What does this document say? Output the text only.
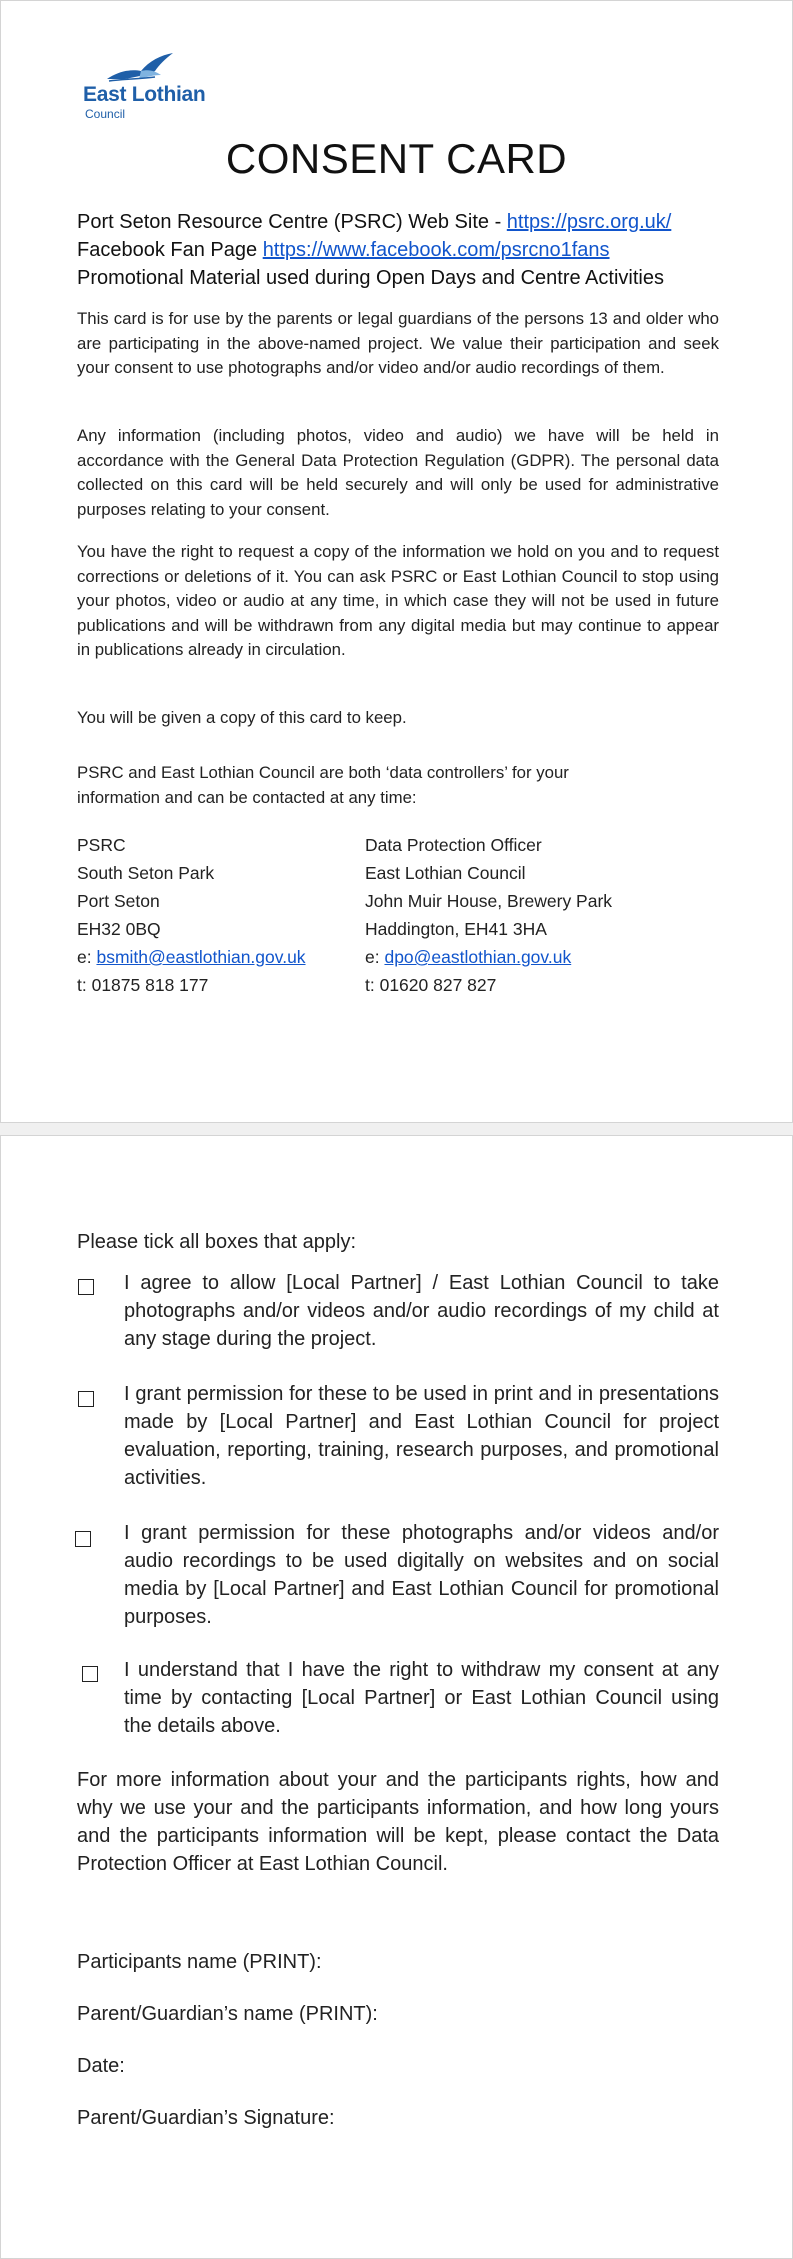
East Lothian
Council
CONSENT CARD
Port Seton Resource Centre (PSRC) Web Site - https://psrc.org.uk/
Facebook Fan Page https://www.facebook.com/psrcno1fans
Promotional Material used during Open Days and Centre Activities
This card is for use by the parents or legal guardians of the persons 13 and older who are participating in the above-named project. We value their participation and seek your consent to use photographs and/or video and/or audio recordings of them.
Any information (including photos, video and audio) we have will be held in accordance with the General Data Protection Regulation (GDPR). The personal data collected on this card will be held securely and will only be used for administrative purposes relating to your consent.
You have the right to request a copy of the information we hold on you and to request corrections or deletions of it. You can ask PSRC or East Lothian Council to stop using your photos, video or audio at any time, in which case they will not be used in future publications and will be withdrawn from any digital media but may continue to appear in publications already in circulation.
You will be given a copy of this card to keep.
PSRC and East Lothian Council are both ‘data controllers’ for your information and can be contacted at any time:
PSRC
South Seton Park
Port Seton
EH32 0BQ
e: bsmith@eastlothian.gov.uk
t: 01875 818 177
Data Protection Officer
East Lothian Council
John Muir House, Brewery Park
Haddington, EH41 3HA
e: dpo@eastlothian.gov.uk
t: 01620 827 827
Please tick all boxes that apply:
I agree to allow [Local Partner] / East Lothian Council to take photographs and/or videos and/or audio recordings of my child at any stage during the project.
I grant permission for these to be used in print and in presentations made by [Local Partner] and East Lothian Council for project evaluation, reporting, training, research purposes, and promotional activities.
I grant permission for these photographs and/or videos and/or audio recordings to be used digitally on websites and on social media by [Local Partner] and East Lothian Council for promotional purposes.
I understand that I have the right to withdraw my consent at any time by contacting [Local Partner] or East Lothian Council using the details above.
For more information about your and the participants rights, how and why we use your and the participants information, and how long yours and the participants information will be kept, please contact the Data Protection Officer at East Lothian Council.
Participants name (PRINT):
Parent/Guardian’s name (PRINT):
Date:
Parent/Guardian’s Signature:
